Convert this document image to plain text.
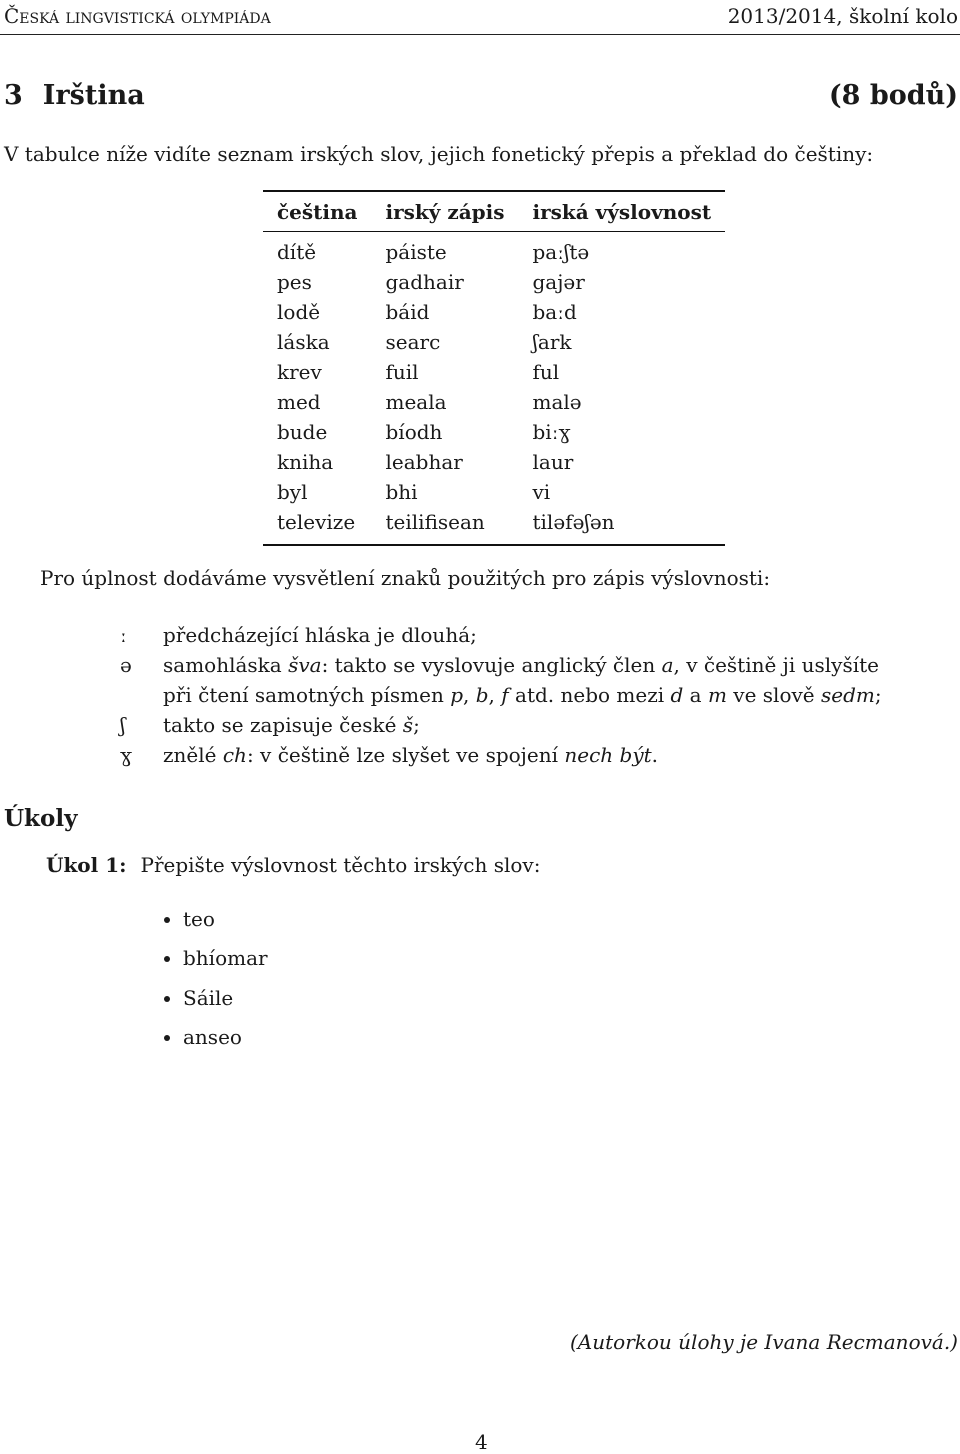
Česká lingvistická olympiáda	2013/2014, školní kolo
3 Irština	(8 bodů)
V tabulce níže vidíte seznam irských slov, jejich fonetický přepis a překlad do češtiny:
čeština	irský zápis	irská výslovnost
dítě	páiste	paːʃtə
pes	gadhair	gajər
lodě	báid	baːd
láska	searc	ʃark
krev	fuil	ful
med	meala	malə
bude	bíodh	biːɣ
kniha	leabhar	laur
byl	bhi	vi
televize	teilifisean	tiləfəʃən
Pro úplnost dodáváme vysvětlení znaků použitých pro zápis výslovnosti:
ː	předcházející hláska je dlouhá;
ə	samohláska šva: takto se vyslovuje anglický člen a, v češtině ji uslyšíte při čtení samotných písmen p, b, f atd. nebo mezi d a m ve slově sedm;
ʃ	takto se zapisuje české š;
ɣ	znělé ch: v češtině lze slyšet ve spojení nech být.
Úkoly
Úkol 1: Přepište výslovnost těchto irských slov:
teo
bhíomar
Sáile
anseo
(Autorkou úlohy je Ivana Recmanová.)
4
